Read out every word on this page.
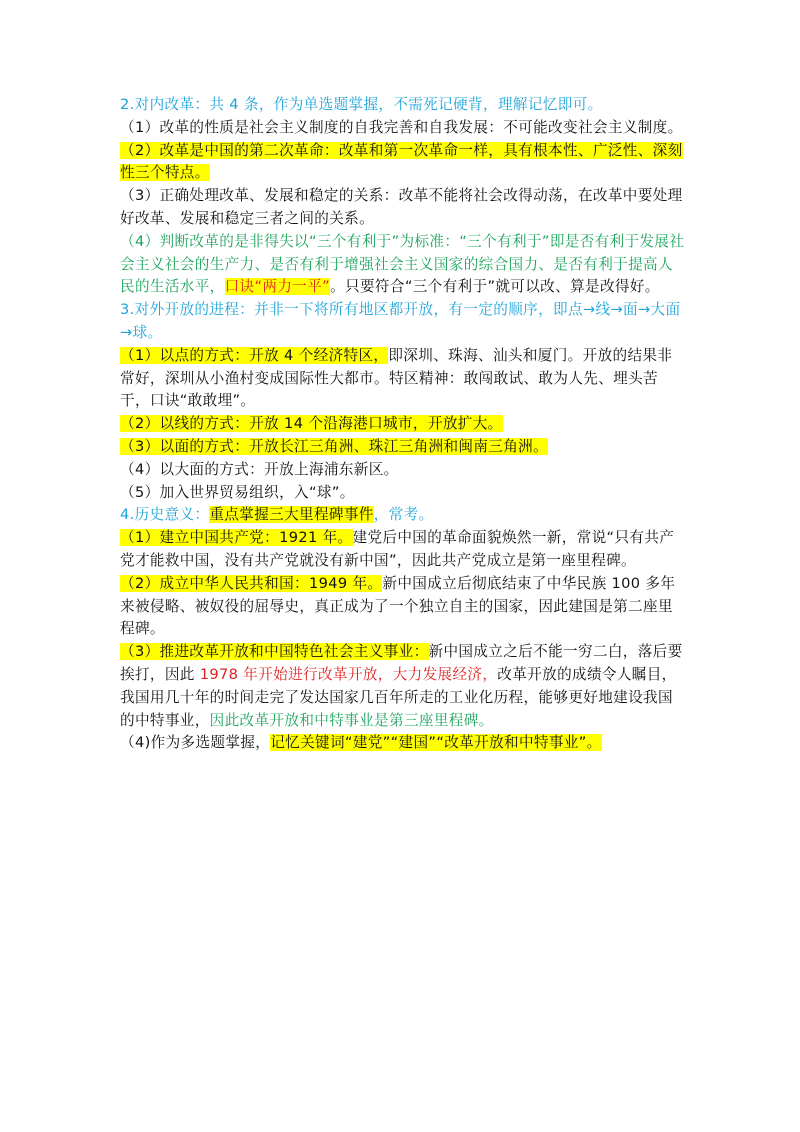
2.对内改革：共 4 条，作为单选题掌握，不需死记硬背，理解记忆即可。

（1）改革的性质是社会主义制度的自我完善和自我发展：不可能改变社会主义制度。

（2）改革是中国的第二次革命：改革和第一次革命一样，具有根本性、广泛性、深刻性三个特点。

（3）正确处理改革、发展和稳定的关系：改革不能将社会改得动荡，在改革中要处理好改革、发展和稳定三者之间的关系。

（4）判断改革的是非得失以“三个有利于”为标准：“三个有利于”即是否有利于发展社会主义社会的生产力、是否有利于增强社会主义国家的综合国力、是否有利于提高人民的生活水平，口诀“两力一平”。只要符合“三个有利于”就可以改、算是改得好。

3.对外开放的进程：并非一下将所有地区都开放，有一定的顺序，即点→线→面→大面→球。

（1）以点的方式：开放 4 个经济特区，即深圳、珠海、汕头和厦门。开放的结果非常好，深圳从小渔村变成国际性大都市。特区精神：敢闯敢试、敢为人先、埋头苦干，口诀“敢敢埋”。

（2）以线的方式：开放 14 个沿海港口城市，开放扩大。

（3）以面的方式：开放长江三角洲、珠江三角洲和闽南三角洲。

（4）以大面的方式：开放上海浦东新区。

（5）加入世界贸易组织，入“球”。

4.历史意义：重点掌握三大里程碑事件，常考。

（1）建立中国共产党：1921 年。建党后中国的革命面貌焕然一新，常说“只有共产党才能救中国，没有共产党就没有新中国”，因此共产党成立是第一座里程碑。

（2）成立中华人民共和国：1949 年。新中国成立后彻底结束了中华民族 100 多年来被侵略、被奴役的屈辱史，真正成为了一个独立自主的国家，因此建国是第二座里程碑。

（3）推进改革开放和中国特色社会主义事业：新中国成立之后不能一穷二白，落后要挨打，因此 1978 年开始进行改革开放，大力发展经济，改革开放的成绩令人瞩目，我国用几十年的时间走完了发达国家几百年所走的工业化历程，能够更好地建设我国的中特事业，因此改革开放和中特事业是第三座里程碑。

（4)作为多选题掌握，记忆关键词“建党”“建国”“改革开放和中特事业”。
